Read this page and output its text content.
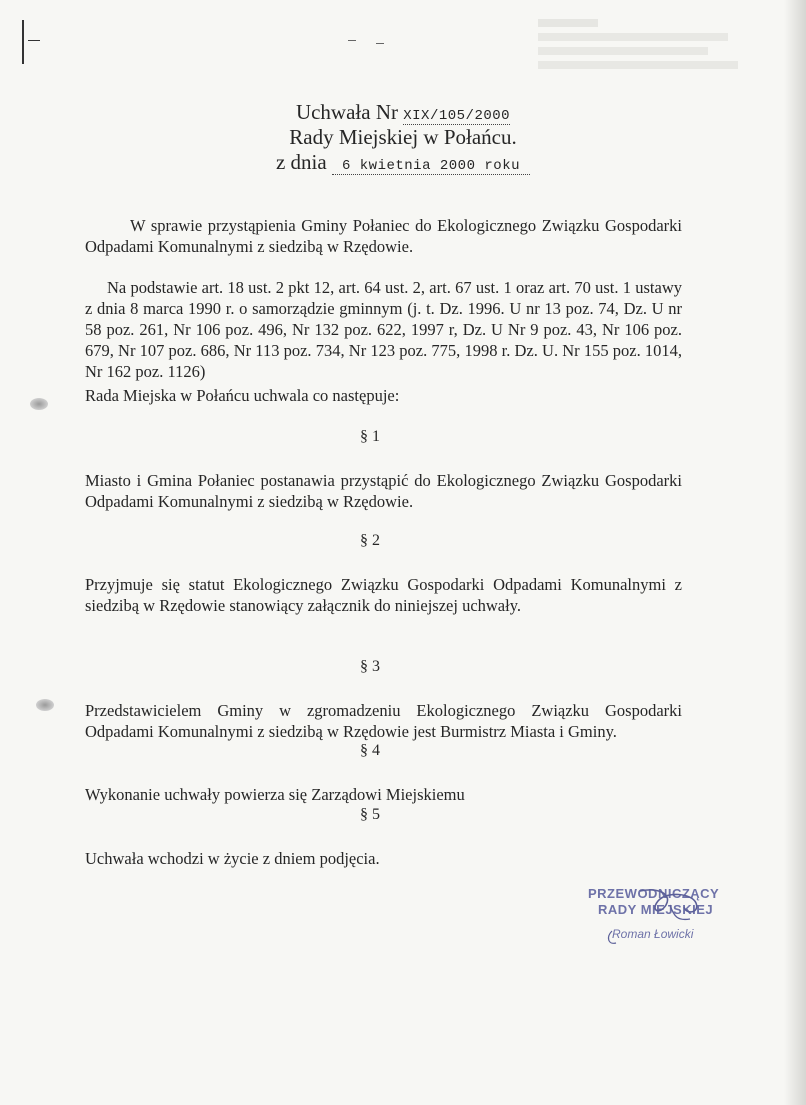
Uchwała Nr XIX/105/2000
Rady Miejskiej w Połańcu.
z dnia 6 kwietnia 2000 roku
W sprawie przystąpienia Gminy Połaniec do Ekologicznego Związku Gospodarki Odpadami Komunalnymi z siedzibą w Rzędowie.
Na podstawie art. 18 ust. 2 pkt 12, art. 64 ust. 2, art. 67 ust. 1 oraz art. 70 ust. 1 ustawy z dnia 8 marca 1990 r. o samorządzie gminnym (j. t. Dz. 1996. U nr 13 poz. 74, Dz. U nr 58 poz. 261, Nr 106 poz. 496, Nr 132 poz. 622, 1997 r, Dz. U Nr 9 poz. 43, Nr 106 poz. 679, Nr 107 poz. 686, Nr 113 poz. 734, Nr 123 poz. 775, 1998 r. Dz. U. Nr 155 poz. 1014, Nr 162 poz. 1126)
Rada Miejska w Połańcu uchwala co następuje:
§ 1
Miasto i Gmina Połaniec postanawia przystąpić do Ekologicznego Związku Gospodarki Odpadami Komunalnymi z siedzibą w Rzędowie.
§ 2
Przyjmuje się statut Ekologicznego Związku Gospodarki Odpadami Komunalnymi z siedzibą w Rzędowie stanowiący załącznik do niniejszej uchwały.
§ 3
Przedstawicielem Gminy w zgromadzeniu Ekologicznego Związku Gospodarki Odpadami Komunalnymi z siedzibą w Rzędowie jest Burmistrz Miasta i Gminy.
§ 4
Wykonanie uchwały powierza się Zarządowi Miejskiemu
§ 5
Uchwała wchodzi w życie z dniem podjęcia.
PRZEWODNICZĄCY
RADY MIEJSKIEJ
Roman Łowicki
